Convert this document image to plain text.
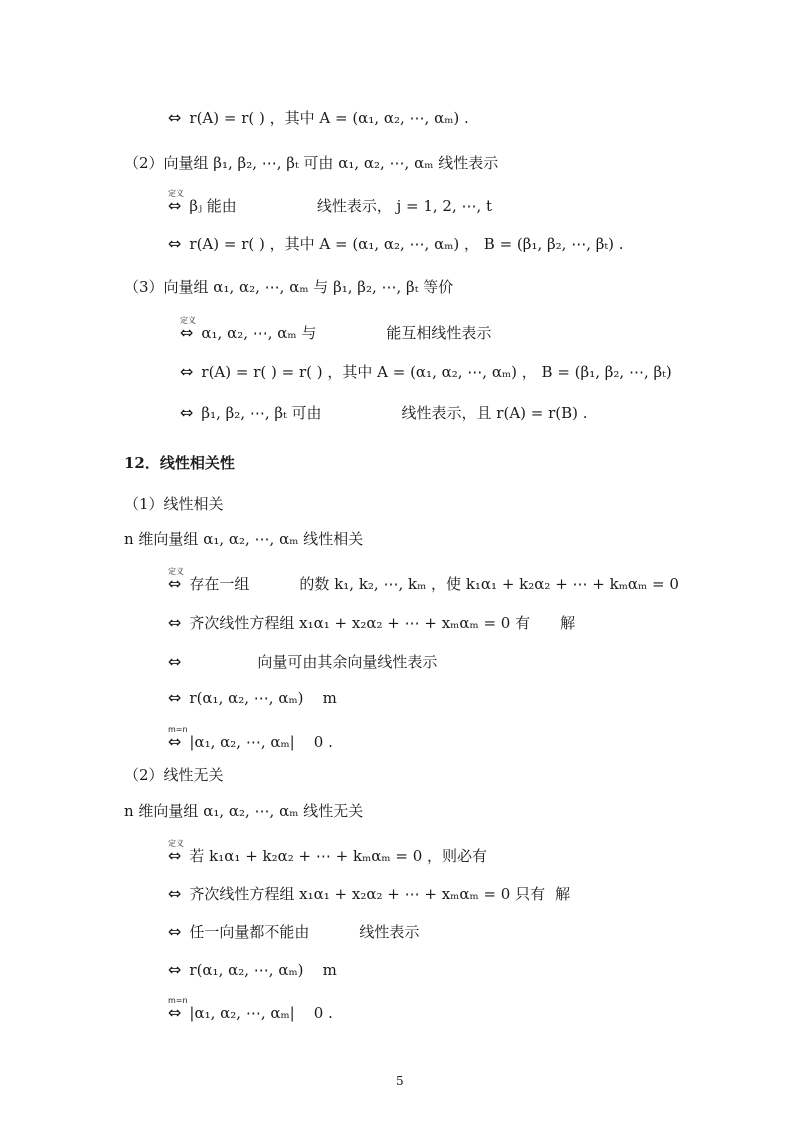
⇔ r(A) = r( ) ，其中 A = (α₁, α₂, ⋯, αₘ) .
（2）向量组 β₁, β₂, ⋯, βₜ 可由 α₁, α₂, ⋯, αₘ 线性表示
定义
⇔ βⱼ 能由	线性表示， j = 1, 2, ⋯, t
⇔ r(A) = r( ) ，其中 A = (α₁, α₂, ⋯, αₘ) ， B = (β₁, β₂, ⋯, βₜ) .
（3）向量组 α₁, α₂, ⋯, αₘ 与 β₁, β₂, ⋯, βₜ 等价
定义
⇔ α₁, α₂, ⋯, αₘ 与	能互相线性表示
⇔ r(A) = r( ) = r( ) ，其中 A = (α₁, α₂, ⋯, αₘ) ， B = (β₁, β₂, ⋯, βₜ)
⇔ β₁, β₂, ⋯, βₜ 可由	线性表示，且 r(A) = r(B) .
12．线性相关性
（1）线性相关
n 维向量组 α₁, α₂, ⋯, αₘ 线性相关
定义
⇔ 存在一组	的数 k₁, k₂, ⋯, kₘ ，使 k₁α₁ + k₂α₂ + ⋯ + kₘαₘ = 0
⇔ 齐次线性方程组 x₁α₁ + x₂α₂ + ⋯ + xₘαₘ = 0 有 解
⇔	向量可由其余向量线性表示
⇔ r(α₁, α₂, ⋯, αₘ)    m
m=n
⇔ |α₁, α₂, ⋯, αₘ|    0 .
（2）线性无关
n 维向量组 α₁, α₂, ⋯, αₘ 线性无关
定义
⇔ 若 k₁α₁ + k₂α₂ + ⋯ + kₘαₘ = 0 ，则必有
⇔ 齐次线性方程组 x₁α₁ + x₂α₂ + ⋯ + xₘαₘ = 0 只有 解
⇔ 任一向量都不能由	线性表示
⇔ r(α₁, α₂, ⋯, αₘ)    m
m=n
⇔ |α₁, α₂, ⋯, αₘ|    0 .
5
